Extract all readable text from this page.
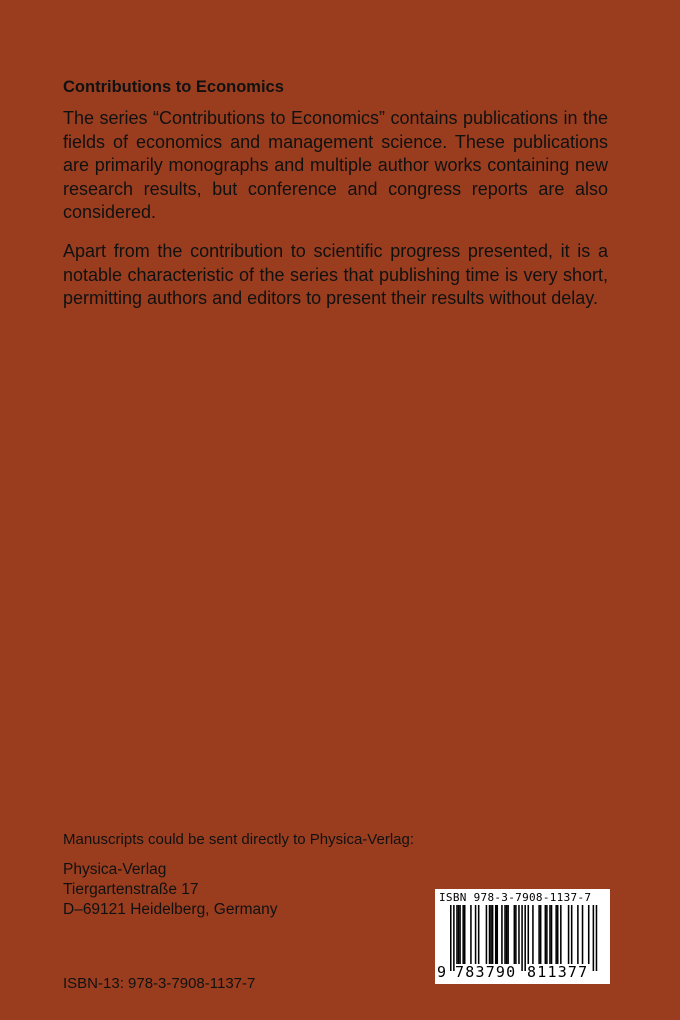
Contributions to Economics

The series “Contributions to Economics” contains publications in the fields of economics and management science. These publications are primarily monographs and multiple author works containing new research results, but conference and congress reports are also considered.

Apart from the contribution to scientific progress presented, it is a notable characteristic of the series that publishing time is very short, permitting authors and editors to present their results without delay.

Manuscripts could be sent directly to Physica-Verlag:
Physica-Verlag
Tiergartenstraße 17
D–69121 Heidelberg, Germany
ISBN-13: 978-3-7908-1137-7
ISBN 978-3-7908-1137-7
9 783790 811377
